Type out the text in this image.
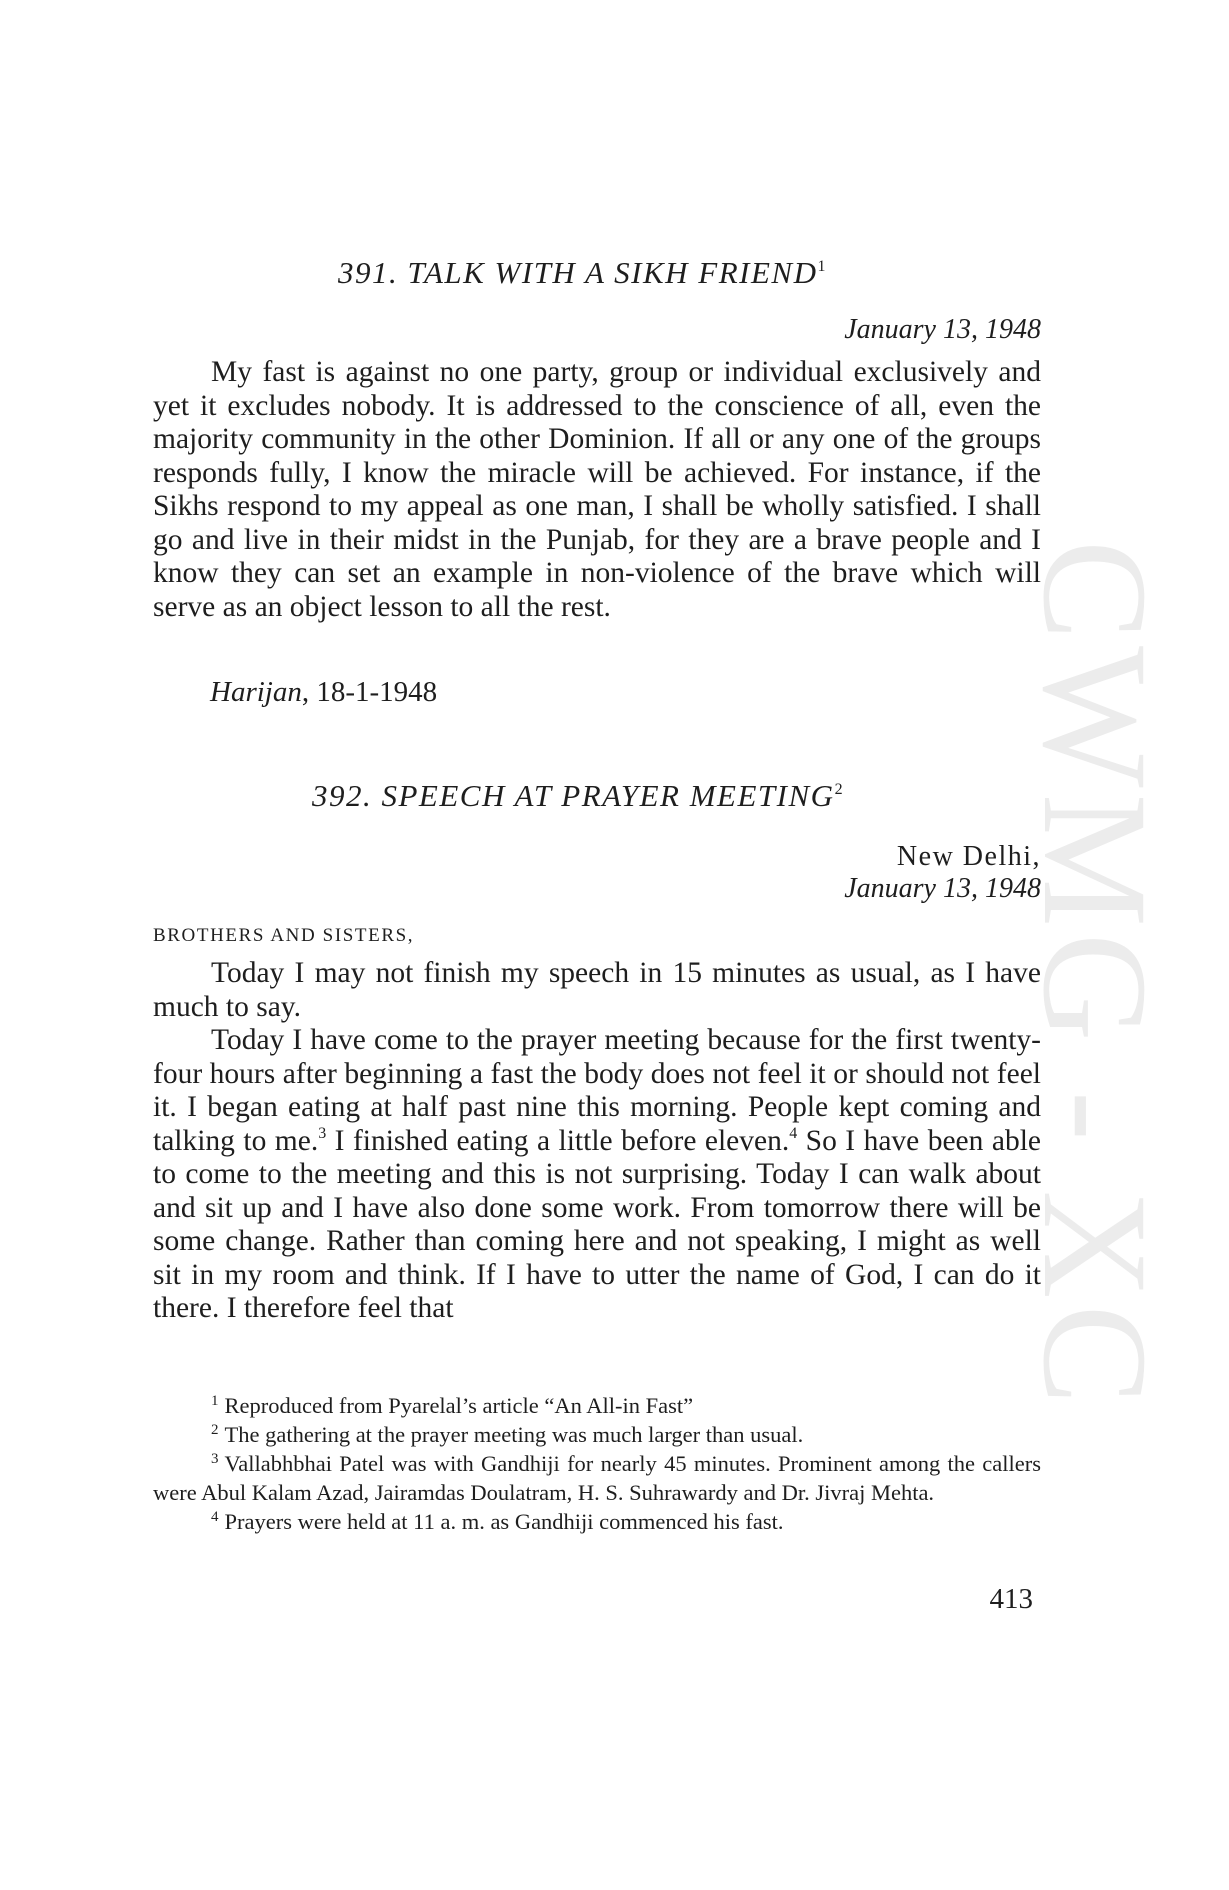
CWMG - XC
391. TALK WITH A SIKH FRIEND$^1$
January 13, 1948

My fast is against no one party, group or individual exclusively and yet it excludes nobody. It is addressed to the conscience of all, even the majority community in the other Dominion. If all or any one of the groups responds fully, I know the miracle will be achieved. For instance, if the Sikhs respond to my appeal as one man, I shall be wholly satisfied. I shall go and live in their midst in the Punjab, for they are a brave people and I know they can set an example in non-violence of the brave which will serve as an object lesson to all the rest.

Harijan, 18-1-1948
392. SPEECH AT PRAYER MEETING$^2$
New Delhi,
January 13, 1948
BROTHERS AND SISTERS,

Today I may not finish my speech in 15 minutes as usual, as I have much to say.

Today I have come to the prayer meeting because for the first twenty-four hours after beginning a fast the body does not feel it or should not feel it. I began eating at half past nine this morning. People kept coming and talking to me.$^3$ I finished eating a little before eleven.$^4$ So I have been able to come to the meeting and this is not surprising. Today I can walk about and sit up and I have also done some work. From tomorrow there will be some change. Rather than coming here and not speaking, I might as well sit in my room and think. If I have to utter the name of God, I can do it there. I therefore feel that

$^1$ Reproduced from Pyarelal’s article “An All-in Fast”

$^2$ The gathering at the prayer meeting was much larger than usual.

$^3$ Vallabhbhai Patel was with Gandhiji for nearly 45 minutes. Prominent among the callers were Abul Kalam Azad, Jairamdas Doulatram, H. S. Suhrawardy and Dr. Jivraj Mehta.

$^4$ Prayers were held at 11 a. m. as Gandhiji commenced his fast.

413
